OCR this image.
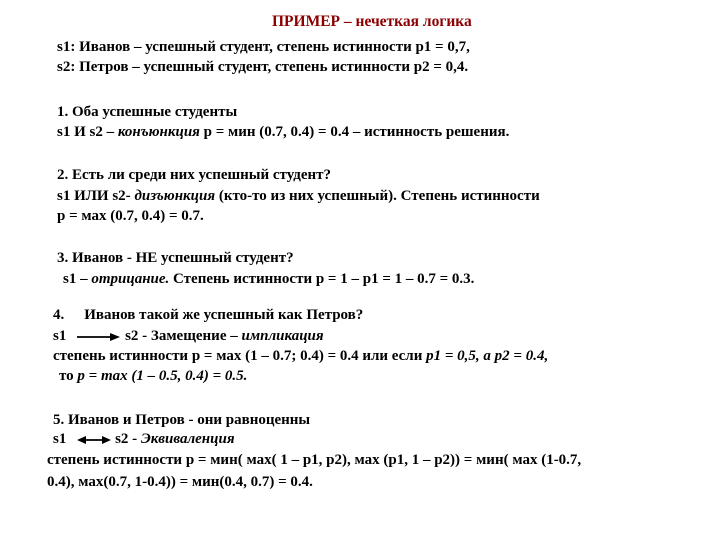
ПРИМЕР – нечеткая логика
s1: Иванов – успешный студент, степень истинности р1 = 0,7,
s2: Петров – успешный студент, степень истинности р2 = 0,4.
1. Оба успешные студенты
s1 И s2 – конъюнкция р = мин (0.7, 0.4) = 0.4 – истинность решения.
2. Есть ли среди них успешный студент?
s1 ИЛИ s2- дизъюнкция (кто-то из них успешный). Степень истинности
р = мах (0.7, 0.4) = 0.7.
3. Иванов - НЕ успешный студент?
s1 – отрицание. Степень истинности р = 1 – р1 = 1 – 0.7 = 0.3.
4. Иванов такой же успешный как Петров?
s1	s2 - Замещение – импликация
степень истинности р = мах (1 – 0.7; 0.4) = 0.4 или если р1 = 0,5, а р2 = 0.4,
то р = тах (1 – 0.5, 0.4) = 0.5.
5. Иванов и Петров - они равноценны
s1	s2 - Эквиваленция
степень истинности р = мин( мах( 1 – р1, р2), мах (р1, 1 – р2)) = мин( мах (1-0.7,
0.4), мах(0.7, 1-0.4)) = мин(0.4, 0.7) = 0.4.
